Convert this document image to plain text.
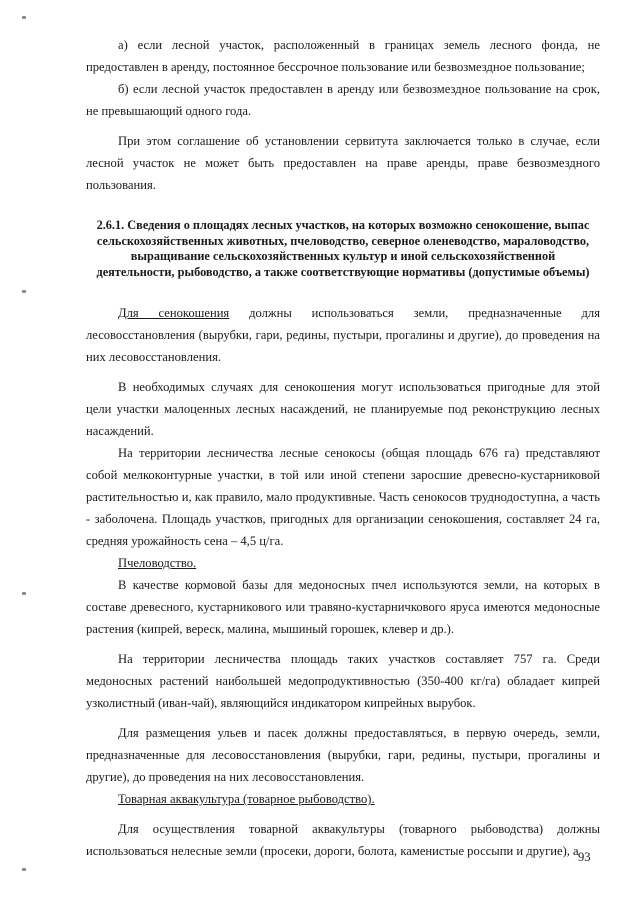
а) если лесной участок, расположенный в границах земель лесного фонда, не предоставлен в аренду, постоянное бессрочное пользование или безвозмездное пользование;

б) если лесной участок предоставлен в аренду или безвозмездное пользование на срок, не превышающий одного года.

При этом соглашение об установлении сервитута заключается только в случае, если лесной участок не может быть предоставлен на праве аренды, праве безвозмездного пользования.

2.6.1. Сведения о площадях лесных участков, на которых возможно сенокошение, выпас сельскохозяйственных животных, пчеловодство, северное оленеводство, мараловодство, выращивание сельскохозяйственных культур и иной сельскохозяйственной деятельности, рыбоводство, а также соответствующие нормативы (допустимые объемы)

Для сенокошения должны использоваться земли, предназначенные для лесовосстановления (вырубки, гари, редины, пустыри, прогалины и другие), до проведения на них лесовосстановления.

В необходимых случаях для сенокошения могут использоваться пригодные для этой цели участки малоценных лесных насаждений, не планируемые под реконструкцию лесных насаждений.

На территории лесничества лесные сенокосы (общая площадь 676 га) представляют собой мелкоконтурные участки, в той или иной степени заросшие древесно-кустарниковой растительностью и, как правило, мало продуктивные. Часть сенокосов труднодоступна, а часть - заболочена. Площадь участков, пригодных для организации сенокошения, составляет 24 га, средняя урожайность сена – 4,5 ц/га.

Пчеловодство.

В качестве кормовой базы для медоносных пчел используются земли, на которых в составе древесного, кустарникового или травяно-кустарничкового яруса имеются медоносные растения (кипрей, вереск, малина, мышиный горошек, клевер и др.).

На территории лесничества площадь таких участков составляет 757 га. Среди медоносных растений наибольшей медопродуктивностью (350-400 кг/га) обладает кипрей узколистный (иван-чай), являющийся индикатором кипрейных вырубок.

Для размещения ульев и пасек должны предоставляться, в первую очередь, земли, предназначенные для лесовосстановления (вырубки, гари, редины, пустыри, прогалины и другие), до проведения на них лесовосстановления.

Товарная аквакультура (товарное рыбоводство).

Для осуществления товарной аквакультуры (товарного рыбоводства) должны использоваться нелесные земли (просеки, дороги, болота, каменистые россыпи и другие), а 93
